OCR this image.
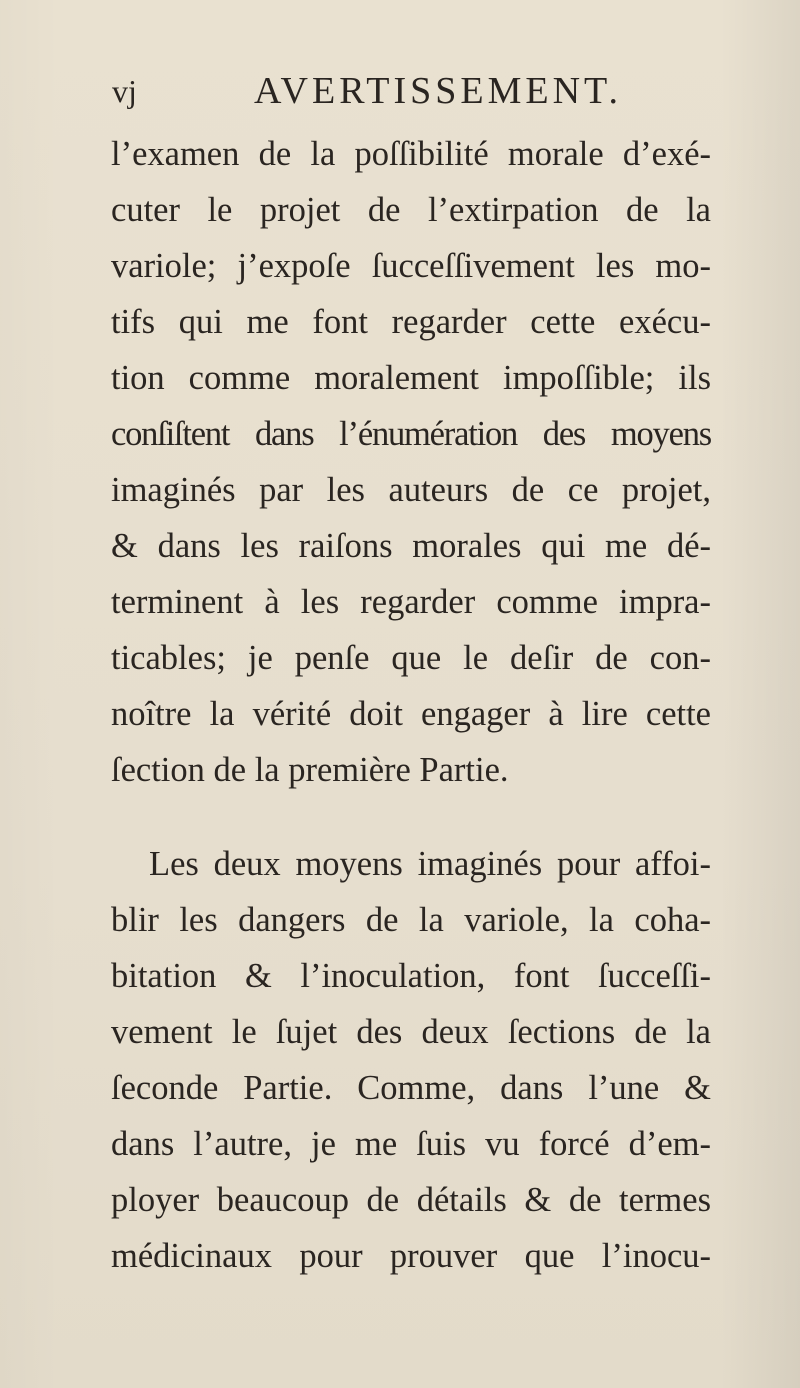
vj	AVERTISSEMENT.
l’examen de la poſſibilité morale d’exé-
cuter le projet de l’extirpation de la
variole; j’expoſe ſucceſſivement les mo-
tifs qui me font regarder cette exécu-
tion comme moralement impoſſible; ils
conſiſtent dans l’énumération des moyens
imaginés par les auteurs de ce projet,
& dans les raiſons morales qui me dé-
terminent à les regarder comme impra-
ticables; je penſe que le deſir de con-
noître la vérité doit engager à lire cette
ſection de la première Partie.
Les deux moyens imaginés pour affoi-
blir les dangers de la variole, la coha-
bitation & l’inoculation, font ſucceſſi-
vement le ſujet des deux ſections de la
ſeconde Partie. Comme, dans l’une &
dans l’autre, je me ſuis vu forcé d’em-
ployer beaucoup de détails & de termes
médicinaux pour prouver que l’inocu-
